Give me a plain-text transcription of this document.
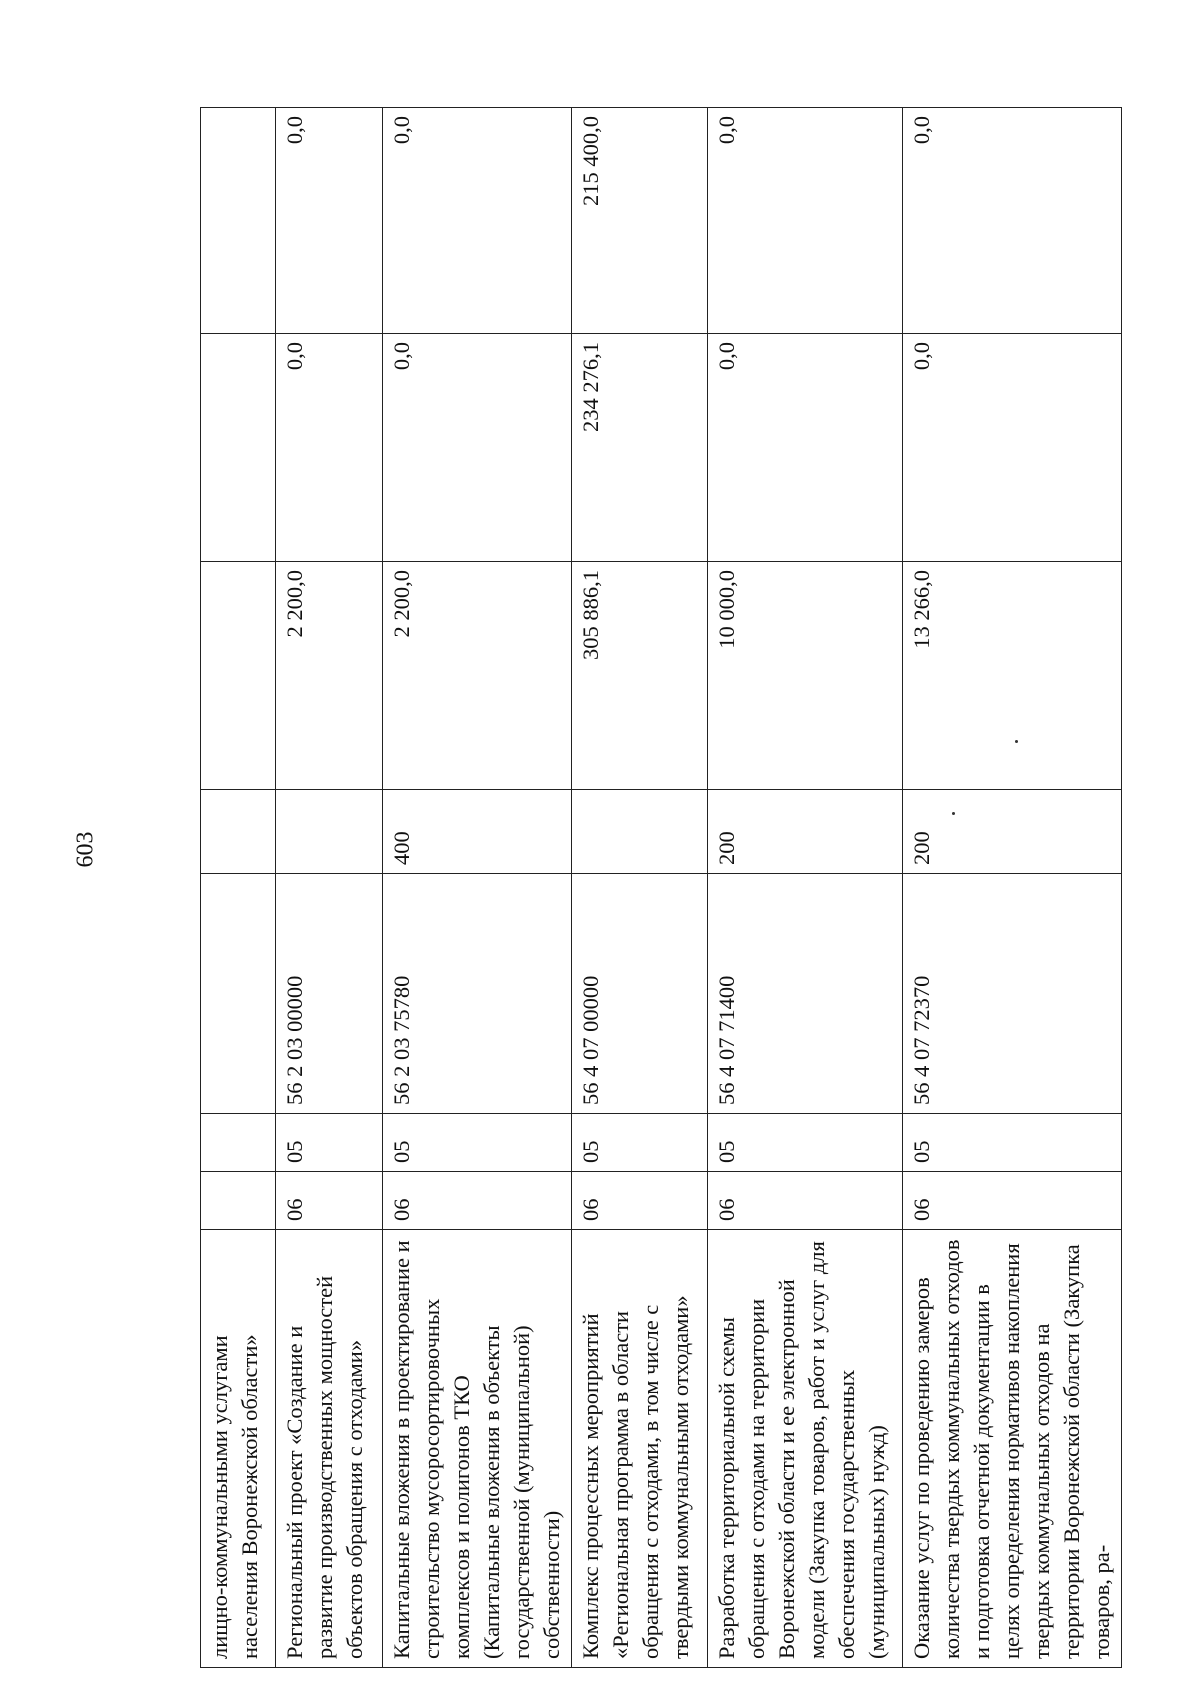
603
лищно-коммунальными услугами населения Воронежской области»							
Региональный проект «Создание и развитие производственных мощностей объектов обращения с отходами»	06	05	56 2 03 00000		2 200,0	0,0	0,0
Капитальные вложения в проектирование и строительство мусоросортировочных комплексов и полигонов ТКО (Капитальные вложения в объекты государственной (муниципальной) собственности)	06	05	56 2 03 75780	400	2 200,0	0,0	0,0
Комплекс процессных мероприятий «Региональная программа в области обращения с отходами, в том числе с твердыми коммунальными отходами»	06	05	56 4 07 00000		305 886,1	234 276,1	215 400,0
Разработка территориальной схемы обращения с отходами на территории Воронежской области и ее электронной модели (Закупка товаров, работ и услуг для обеспечения государственных (муниципальных) нужд)	06	05	56 4 07 71400	200	10 000,0	0,0	0,0
Оказание услуг по проведению замеров количества твердых коммунальных отходов и подготовка отчетной документации в целях определения нормативов накопления твердых коммунальных отходов на территории Воронежской области (Закупка товаров, ра-	06	05	56 4 07 72370	200	13 266,0	0,0	0,0
